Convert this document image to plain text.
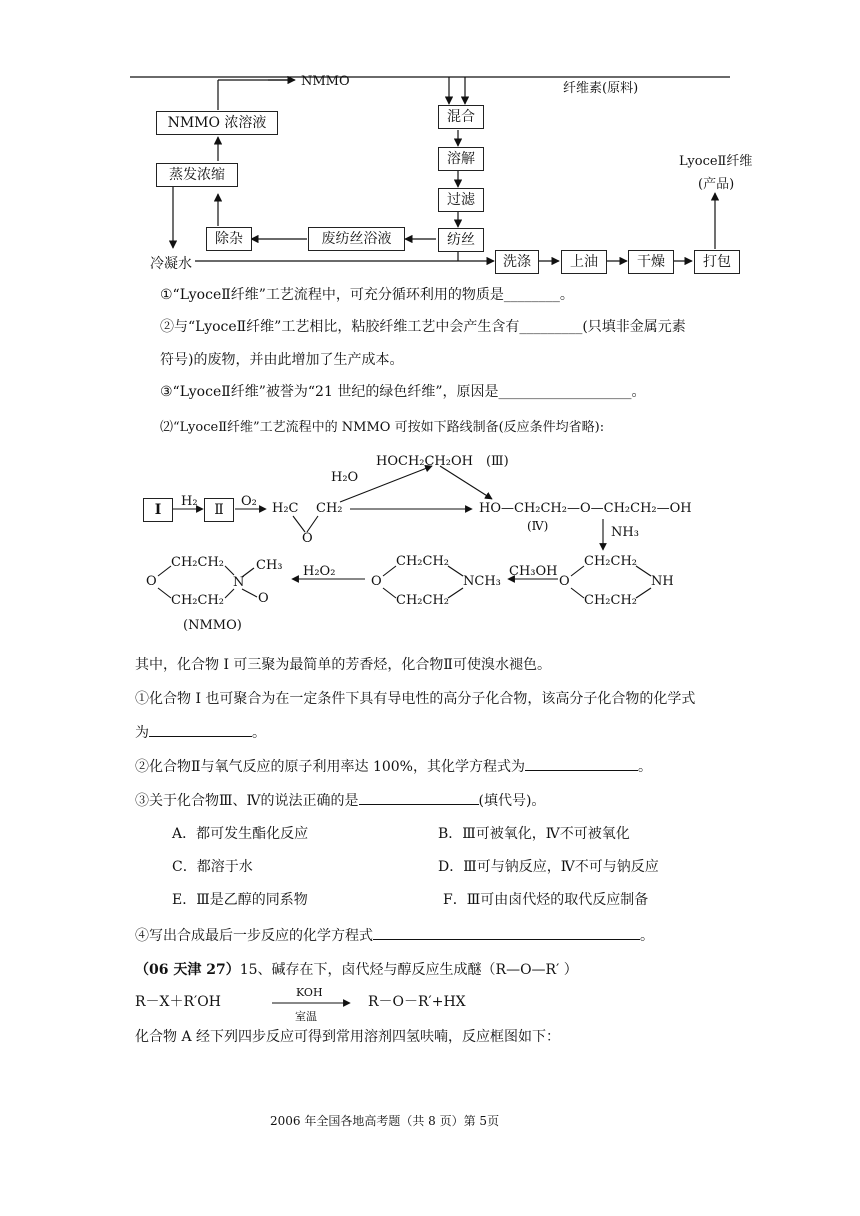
NMMO	纤维素(原料)
NMMO 浓溶液
蒸发浓缩
除杂	废纺丝浴液
混合
溶解
过滤
纺丝
冷凝水	洗涤	上油	干燥	打包
LyoceⅡ纤维
(产品)
①“LyoceⅡ纤维”工艺流程中，可充分循环利用的物质是________。
②与“LyoceⅡ纤维”工艺相比，粘胶纤维工艺中会产生含有_________(只填非金属元素
符号)的废物，并由此增加了生产成本。
③“LyoceⅡ纤维”被誉为“21 世纪的绿色纤维”，原因是___________________。
⑵“LyoceⅡ纤维”工艺流程中的 NMMO 可按如下路线制备(反应条件均省略):
I	Ⅱ
H₂	O₂ H₂C CH₂
O
H₂O
HOCH₂CH₂OH　(Ⅲ)
HO—CH₂CH₂—O—CH₂CH₂—OH
(Ⅳ)	NH₃
CH₂CH₂
O	NH
CH₂CH₂
CH₃OH
CH₂CH₂
O	NCH₃
CH₂CH₂
H₂O₂
CH₂CH₂
O	N
CH₃
O
CH₂CH₂
(NMMO)
其中，化合物 I 可三聚为最简单的芳香烃，化合物Ⅱ可使溴水褪色。
①化合物 I 也可聚合为在一定条件下具有导电性的高分子化合物，该高分子化合物的化学式
为	。
②化合物Ⅱ与氧气反应的原子利用率达 100%，其化学方程式为	。
③关于化合物Ⅲ、Ⅳ的说法正确的是	(填代号)。
A．都可发生酯化反应	B．Ⅲ可被氧化，Ⅳ不可被氧化
C．都溶于水	D．Ⅲ可与钠反应，Ⅳ不可与钠反应
E．Ⅲ是乙醇的同系物	F．Ⅲ可由卤代烃的取代反应制备
④写出合成最后一步反应的化学方程式	。
（06 天津 27）15、碱存在下，卤代烃与醇反应生成醚（R—O—R′ ）
R－X＋R′OH
KOH
室温
R－O－R′+HX
化合物 A 经下列四步反应可得到常用溶剂四氢呋喃，反应框图如下：
2006 年全国各地高考题（共 8 页）第 5页
